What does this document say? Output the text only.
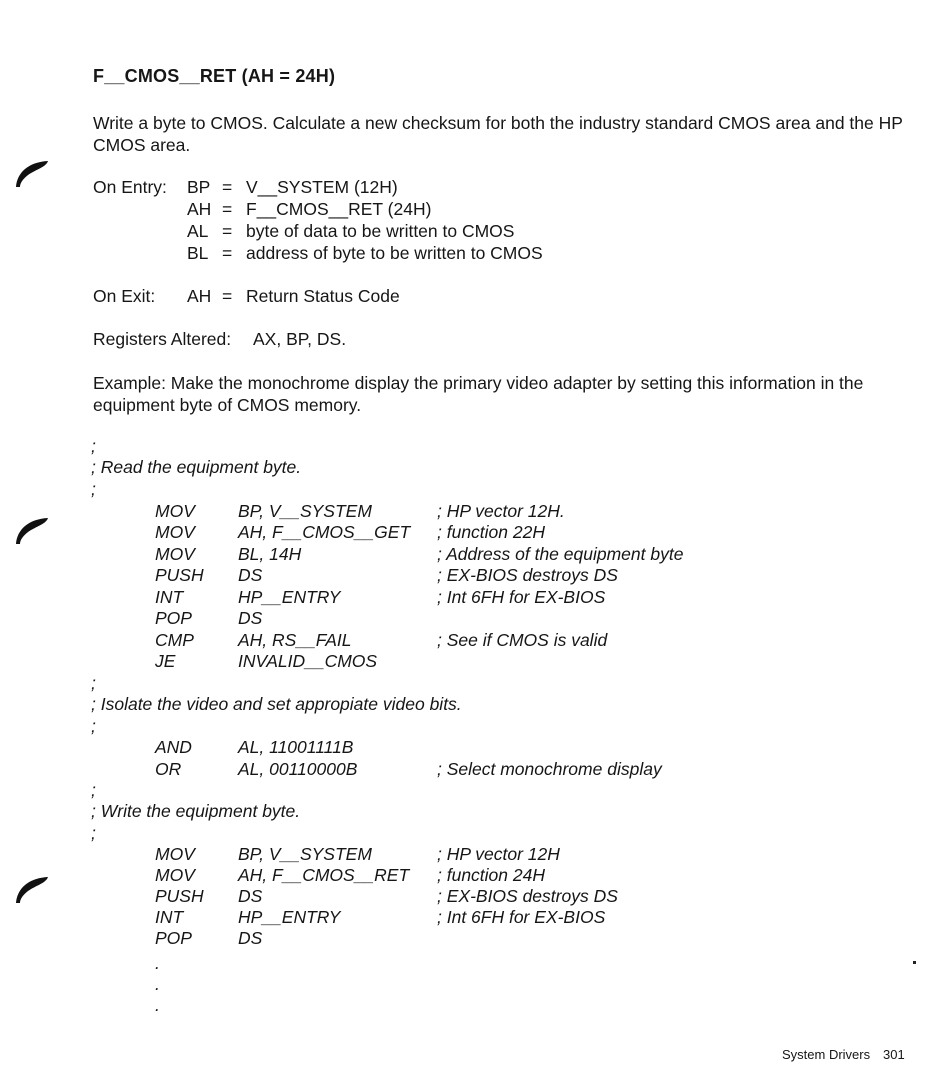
F__CMOS__RET (AH = 24H)
Write a byte to CMOS. Calculate a new checksum for both the industry standard CMOS area and the HP CMOS area.
On Entry: BP = V__SYSTEM (12H)
AH = F__CMOS__RET (24H)
AL = byte of data to be written to CMOS
BL = address of byte to be written to CMOS
On Exit: AH = Return Status Code
Registers Altered: AX, BP, DS.
Example: Make the monochrome display the primary video adapter by setting this information in the equipment byte of CMOS memory.
;
; Read the equipment byte.
;
MOV BP, V__SYSTEM	; HP vector 12H.
MOV AH, F__CMOS__GET ; function 22H
MOV BL, 14H	; Address of the equipment byte
PUSH DS	; EX-BIOS destroys DS
INT	HP__ENTRY	; Int 6FH for EX-BIOS
POP	DS
CMP	AH, RS__FAIL	; See if CMOS is valid
JE	INVALID__CMOS
;
; Isolate the video and set appropiate video bits.
;
AND	AL, 11001111B
OR	AL, 00110000B	; Select monochrome display
;
; Write the equipment byte.
;
MOV BP, V__SYSTEM	; HP vector 12H
MOV AH, F__CMOS__RET ; function 24H
PUSH DS	; EX-BIOS destroys DS
INT	HP__ENTRY	; Int 6FH for EX-BIOS
POP	DS
.
.
.
System Drivers 301
